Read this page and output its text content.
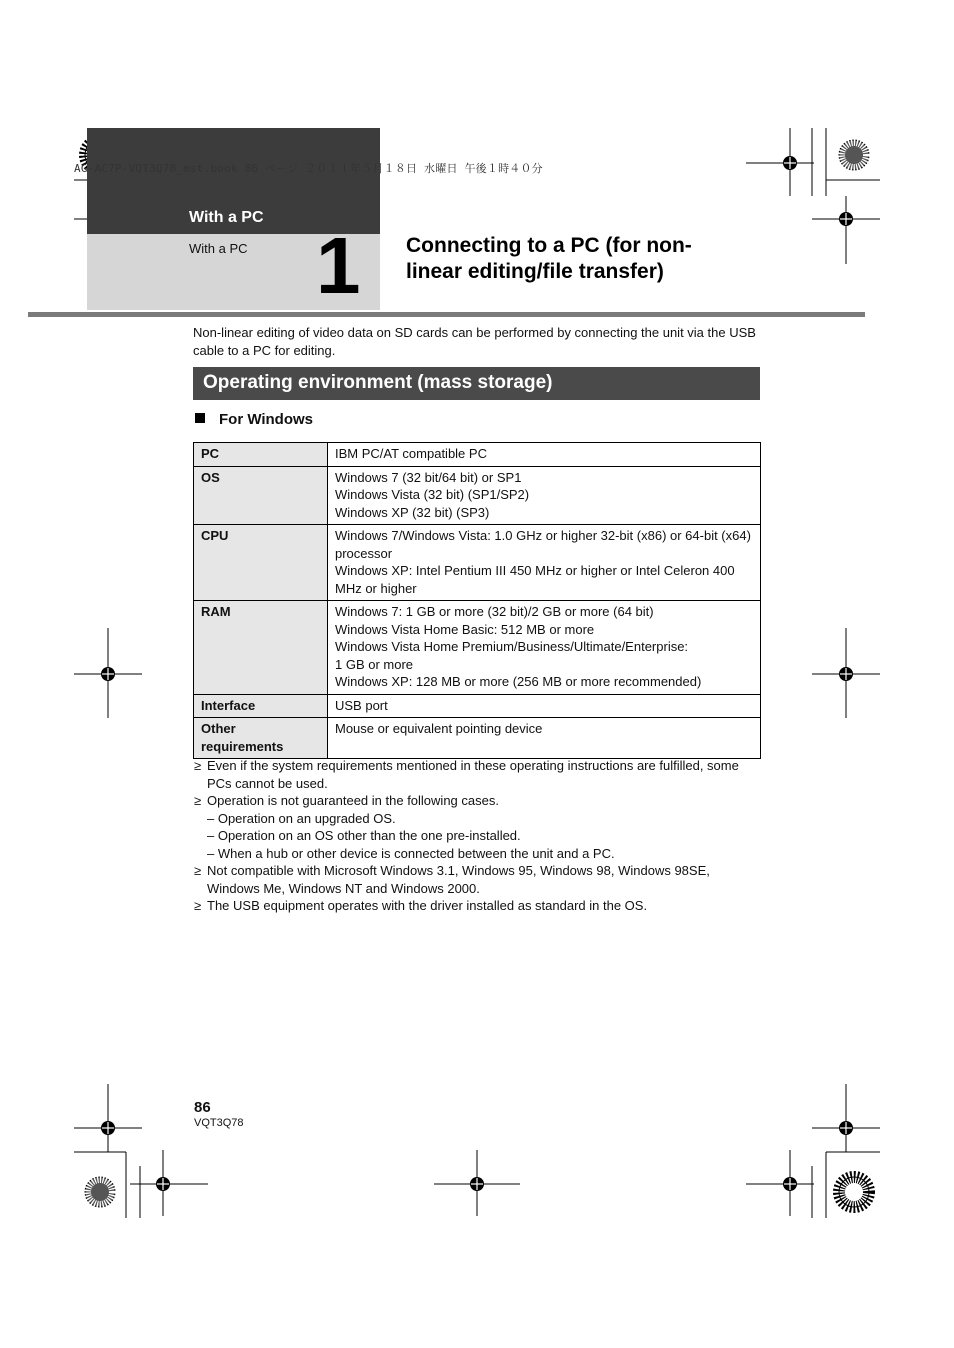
AG-AC7P-VQT3Q78_mst.book 86 ページ ２０１１年５月１８日 水曜日 午後１時４０分
With a PC
With a PC 1 Connecting to a PC (for non-linear editing/file transfer)
Non-linear editing of video data on SD cards can be performed by connecting the unit via the USB cable to a PC for editing.
Operating environment (mass storage)
For Windows
PC	IBM PC/AT compatible PC

OS	Windows 7 (32 bit/64 bit) or SP1
Windows Vista (32 bit) (SP1/SP2)
Windows XP (32 bit) (SP3)

CPU	Windows 7/Windows Vista: 1.0 GHz or higher 32-bit (x86) or 64-bit (x64) processor
Windows XP: Intel Pentium III 450 MHz or higher or Intel Celeron 400 MHz or higher

RAM	Windows 7: 1 GB or more (32 bit)/2 GB or more (64 bit)
Windows Vista Home Basic: 512 MB or more
Windows Vista Home Premium/Business/Ultimate/Enterprise:
1 GB or more
Windows XP: 128 MB or more (256 MB or more recommended)

Interface	USB port

Other requirements	Mouse or equivalent pointing device
≥ Even if the system requirements mentioned in these operating instructions are fulfilled, some PCs cannot be used.
≥ Operation is not guaranteed in the following cases.
– Operation on an upgraded OS.
– Operation on an OS other than the one pre-installed.
– When a hub or other device is connected between the unit and a PC.
≥ Not compatible with Microsoft Windows 3.1, Windows 95, Windows 98, Windows 98SE, Windows Me, Windows NT and Windows 2000.
≥ The USB equipment operates with the driver installed as standard in the OS.
86
VQT3Q78
